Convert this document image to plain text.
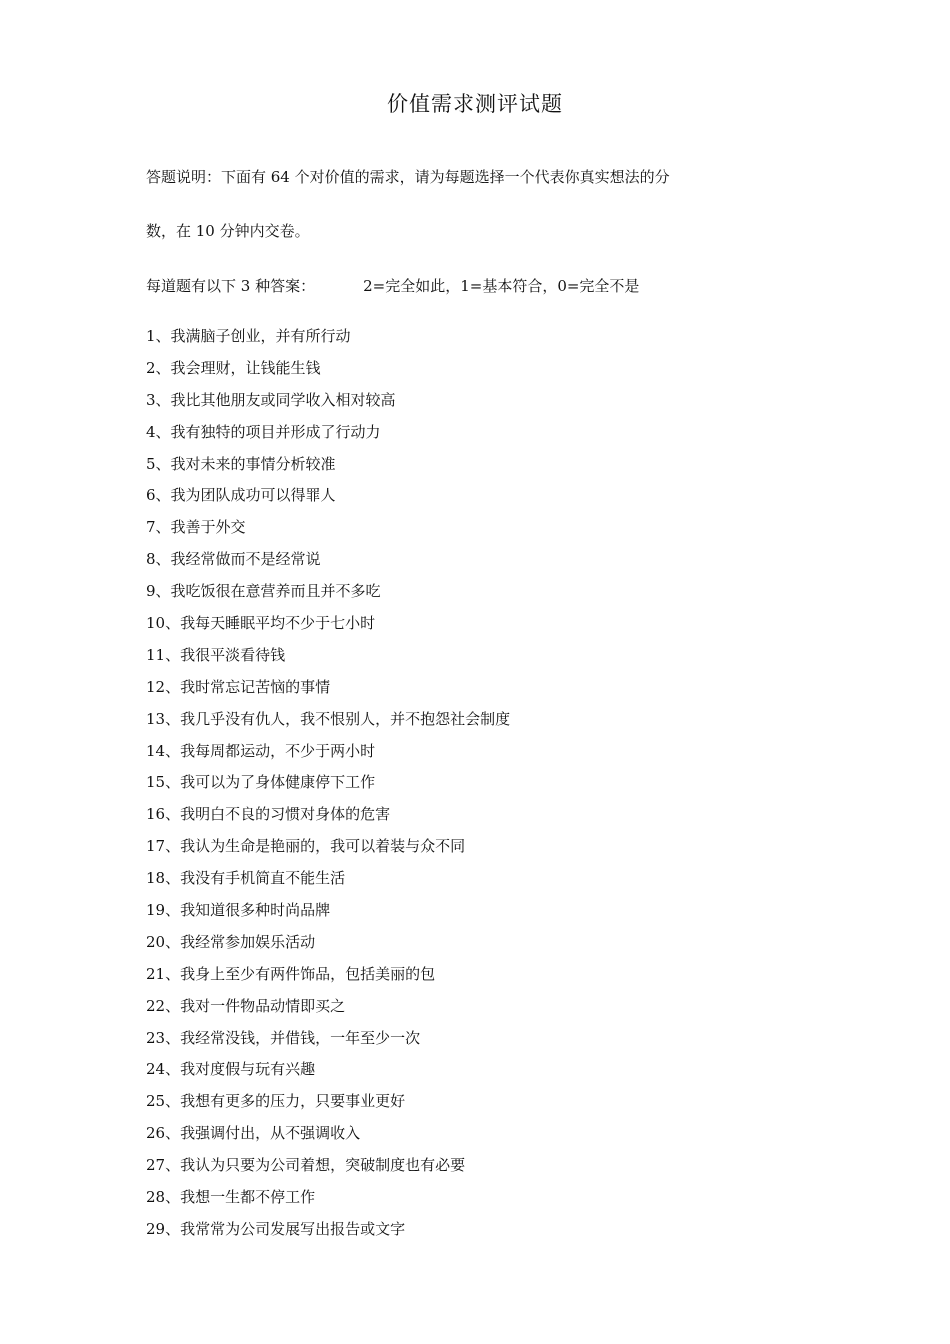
价值需求测评试题
答题说明：下面有 64 个对价值的需求，请为每题选择一个代表你真实想法的分
数，在 10 分钟内交卷。
每道题有以下 3 种答案：	2=完全如此，1=基本符合，0=完全不是
1、我满脑子创业，并有所行动
2、我会理财，让钱能生钱
3、我比其他朋友或同学收入相对较高
4、我有独特的项目并形成了行动力
5、我对未来的事情分析较准
6、我为团队成功可以得罪人
7、我善于外交
8、我经常做而不是经常说
9、我吃饭很在意营养而且并不多吃
10、我每天睡眠平均不少于七小时
11、我很平淡看待钱
12、我时常忘记苦恼的事情
13、我几乎没有仇人，我不恨别人，并不抱怨社会制度
14、我每周都运动，不少于两小时
15、我可以为了身体健康停下工作
16、我明白不良的习惯对身体的危害
17、我认为生命是艳丽的，我可以着装与众不同
18、我没有手机简直不能生活
19、我知道很多种时尚品牌
20、我经常参加娱乐活动
21、我身上至少有两件饰品，包括美丽的包
22、我对一件物品动情即买之
23、我经常没钱，并借钱，一年至少一次
24、我对度假与玩有兴趣
25、我想有更多的压力，只要事业更好
26、我强调付出，从不强调收入
27、我认为只要为公司着想，突破制度也有必要
28、我想一生都不停工作
29、我常常为公司发展写出报告或文字
